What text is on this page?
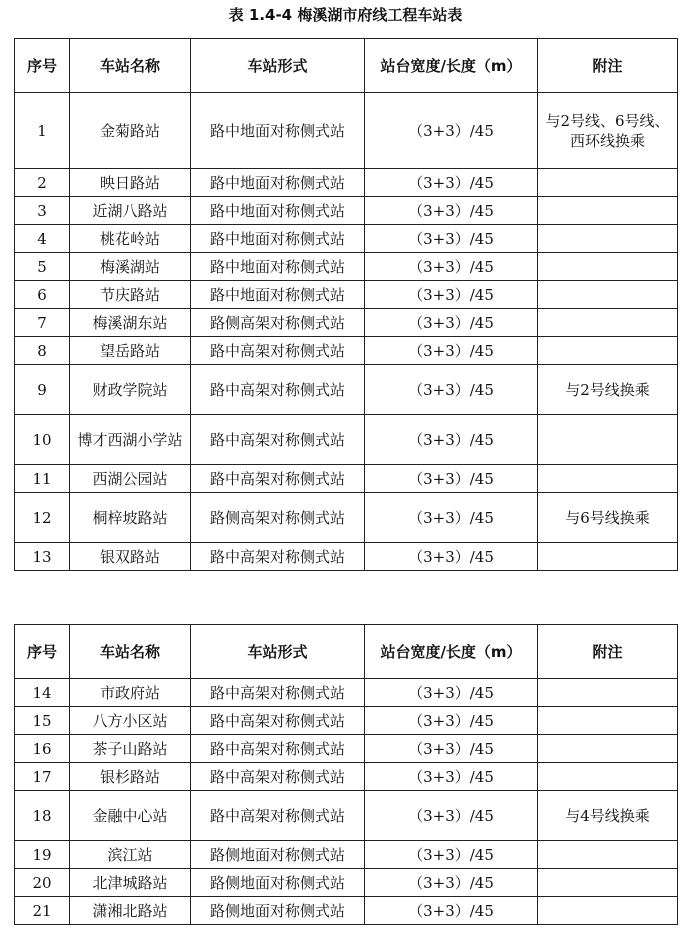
表 1.4-4 梅溪湖市府线工程车站表
序号	车站名称	车站形式	站台宽度/长度（m）	附注
1	金菊路站	路中地面对称侧式站	（3+3）/45	与2号线、6号线、西环线换乘
2	映日路站	路中地面对称侧式站	（3+3）/45	
3	近湖八路站	路中地面对称侧式站	（3+3）/45	
4	桃花岭站	路中地面对称侧式站	（3+3）/45	
5	梅溪湖站	路中地面对称侧式站	（3+3）/45	
6	节庆路站	路中地面对称侧式站	（3+3）/45	
7	梅溪湖东站	路侧高架对称侧式站	（3+3）/45	
8	望岳路站	路中高架对称侧式站	（3+3）/45	
9	财政学院站	路中高架对称侧式站	（3+3）/45	与2号线换乘
10	博才西湖小学站	路中高架对称侧式站	（3+3）/45	
11	西湖公园站	路中高架对称侧式站	（3+3）/45	
12	桐梓坡路站	路侧高架对称侧式站	（3+3）/45	与6号线换乘
13	银双路站	路中高架对称侧式站	（3+3）/45	
序号	车站名称	车站形式	站台宽度/长度（m）	附注
14	市政府站	路中高架对称侧式站	（3+3）/45	
15	八方小区站	路中高架对称侧式站	（3+3）/45	
16	茶子山路站	路中高架对称侧式站	（3+3）/45	
17	银杉路站	路中高架对称侧式站	（3+3）/45	
18	金融中心站	路中高架对称侧式站	（3+3）/45	与4号线换乘
19	滨江站	路侧地面对称侧式站	（3+3）/45	
20	北津城路站	路侧地面对称侧式站	（3+3）/45	
21	潇湘北路站	路侧地面对称侧式站	（3+3）/45	
